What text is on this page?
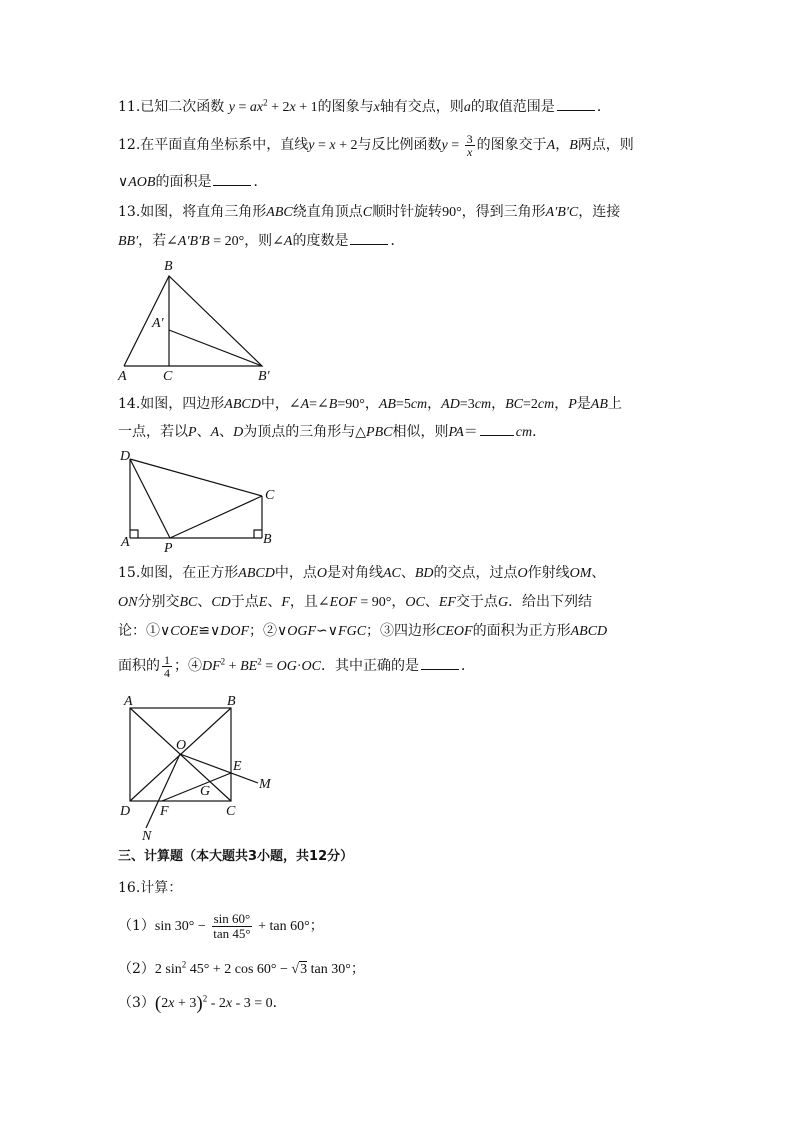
11.已知二次函数 $y = ax^2 + 2x + 1$的图象与x轴有交点，则a的取值范围是	．
12.在平面直角坐标系中，直线y = x + 2与反比例函数$y = \frac{3}{x}$ 的图象交于A，B两点，则
∨AOB的面积是	．
13.如图，将直角三角形ABC绕直角顶点C顺时针旋转90°，得到三角形A′B′C，连接
BB′，若∠A′B′B = 20°，则∠A的度数是	．
B
A′
A	C	B′
14.如图，四边形ABCD中，∠A=∠B=90°，AB=5cm，AD=3cm，BC=2cm，P是AB上
一点，若以P、A、D为顶点的三角形与△PBC相似，则PA＝	cm．
D
C
A P
B
15.如图，在正方形ABCD中，点O是对角线AC、BD的交点，过点O作射线OM、
ON分别交BC、CD于点E、F，且∠EOF = 90°，OC、EF交于点G．给出下列结
论：①∨COE≌∨DOF；②∨OGF∽∨FGC；③四边形CEOF的面积为正方形ABCD
面积的 $\frac{1}{4}$ ；$④DF^2 + BE^2 = OG\cdot OC$．其中正确的是	．
A	B
O
E
M
G
D F	C
N
三、计算题（本大题共3小题，共12分）
16.计算：
（1）sin $30^\circ - \frac{\sin 60^\circ}{\tan 45^\circ} + \tan 60^\circ$；
（2）2 $\sin^2 45^\circ + 2$ cos 60° − √3 tan 30°；
$(3)(2x + 3)^2 - 2x - 3 = 0$．
